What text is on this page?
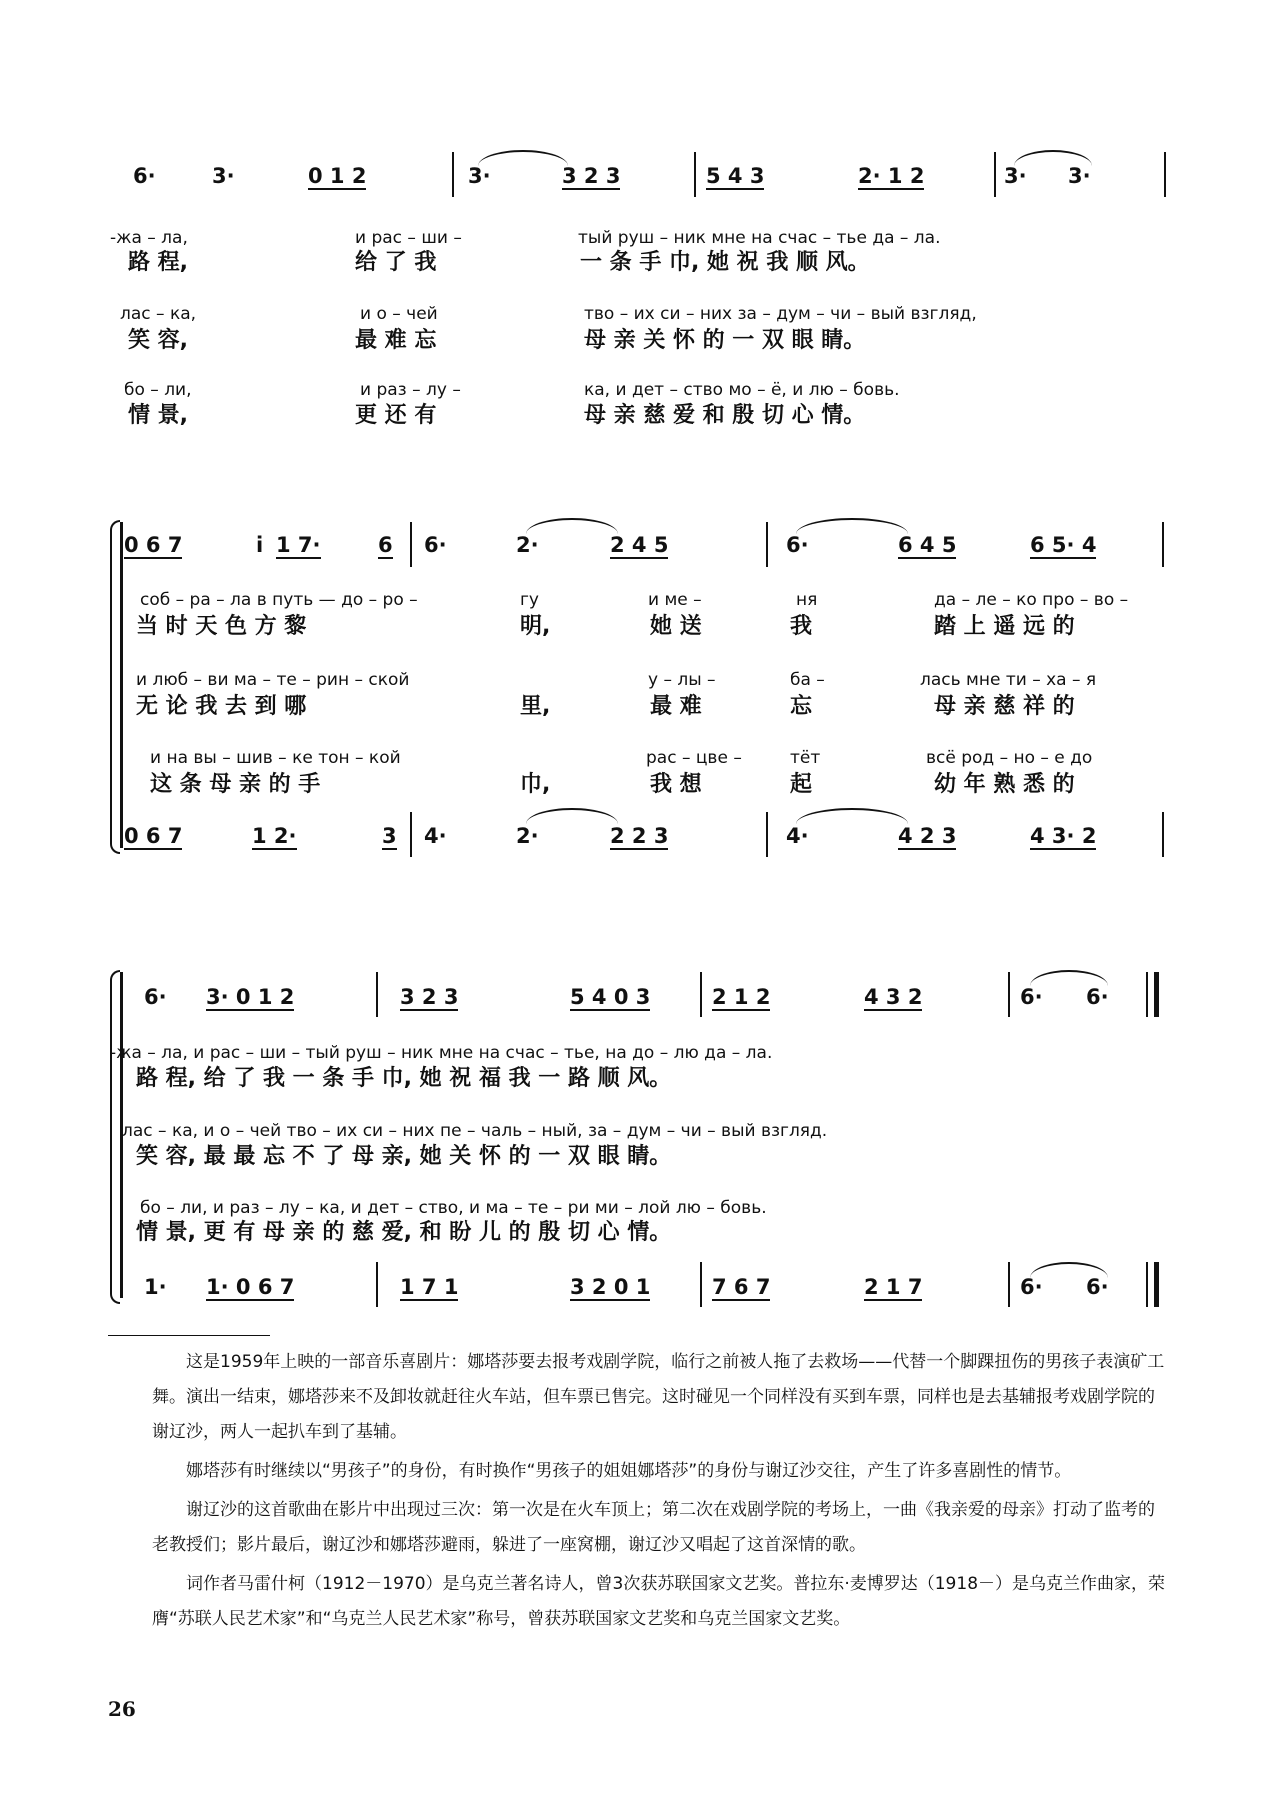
6·	3·	0 1 2	3·	3 2 3	5 4 3	2· 1 2	3· 3·
-жа – ла,	и рас – ши –	тый руш – ник мне на счас – тье да – ла.
路 程,	给 了 我	一 条 手 巾, 她 祝 我 顺 风。
лас – ка,	и о – чей	тво – их си – них за – дум – чи – вый взгляд,
笑 容,	最 难 忘	母 亲 关 怀 的 一 双 眼 睛。
бо – ли,	и раз – лу –	ка, и дет – ство мо – ё, и лю – бовь.
情 景,	更 还 有	母 亲 慈 爱 和 殷 切 心 情。
0 6 7	i 1 7·	6 6·	2·	2 4 5	6·	6 4 5	6 5· 4
соб – ра – ла в путь — до – ро –	гу	и ме –	ня	да – ле – ко про – во –
当 时 天 色 方 黎	明,	她 送	我	踏 上 遥 远 的
и люб – ви ма – те – рин – ской	у – лы –	ба –	лась мне ти – ха – я
无 论 我 去 到 哪	里,	最 难	忘	母 亲 慈 祥 的
и на вы – шив – ке тон – кой	рас – цве –	тёт	всё род – но – е до
这 条 母 亲 的 手	巾,	我 想	起	幼 年 熟 悉 的
0 6 7	1 2·	3 4·	2·	2 2 3	4·	4 2 3	4 3· 2
6· 3· 0 1 2	3 2 3	5 4 0 3	2 1 2	4 3 2	6· 6·
-жа – ла, и рас – ши – тый руш – ник мне на счас – тье, на до – лю да – ла.
路 程, 给 了 我 一 条 手 巾, 她 祝 福 我 一 路 顺 风。
лас – ка, и о – чей тво – их си – них пе – чаль – ный, за – дум – чи – вый взгляд.
笑 容, 最 最 忘 不 了 母 亲, 她 关 怀 的 一 双 眼 睛。
бо – ли, и раз – лу – ка, и дет – ство, и ма – те – ри ми – лой лю – бовь.
情 景, 更 有 母 亲 的 慈 爱, 和 盼 儿 的 殷 切 心 情。
1· 1· 0 6 7	1 7 1	3 2 0 1	7 6 7	2 1 7	6· 6·

这是1959年上映的一部音乐喜剧片：娜塔莎要去报考戏剧学院，临行之前被人拖了去救场——代替一个脚踝扭伤的男孩子表演矿工舞。演出一结束，娜塔莎来不及卸妆就赶往火车站，但车票已售完。这时碰见一个同样没有买到车票，同样也是去基辅报考戏剧学院的谢辽沙，两人一起扒车到了基辅。

娜塔莎有时继续以“男孩子”的身份，有时换作“男孩子的姐姐娜塔莎”的身份与谢辽沙交往，产生了许多喜剧性的情节。

谢辽沙的这首歌曲在影片中出现过三次：第一次是在火车顶上；第二次在戏剧学院的考场上，一曲《我亲爱的母亲》打动了监考的老教授们；影片最后，谢辽沙和娜塔莎避雨，躲进了一座窝棚，谢辽沙又唱起了这首深情的歌。

词作者马雷什柯（1912－1970）是乌克兰著名诗人，曾3次获苏联国家文艺奖。普拉东·麦博罗达（1918－）是乌克兰作曲家，荣膺“苏联人民艺术家”和“乌克兰人民艺术家”称号，曾获苏联国家文艺奖和乌克兰国家文艺奖。

26
